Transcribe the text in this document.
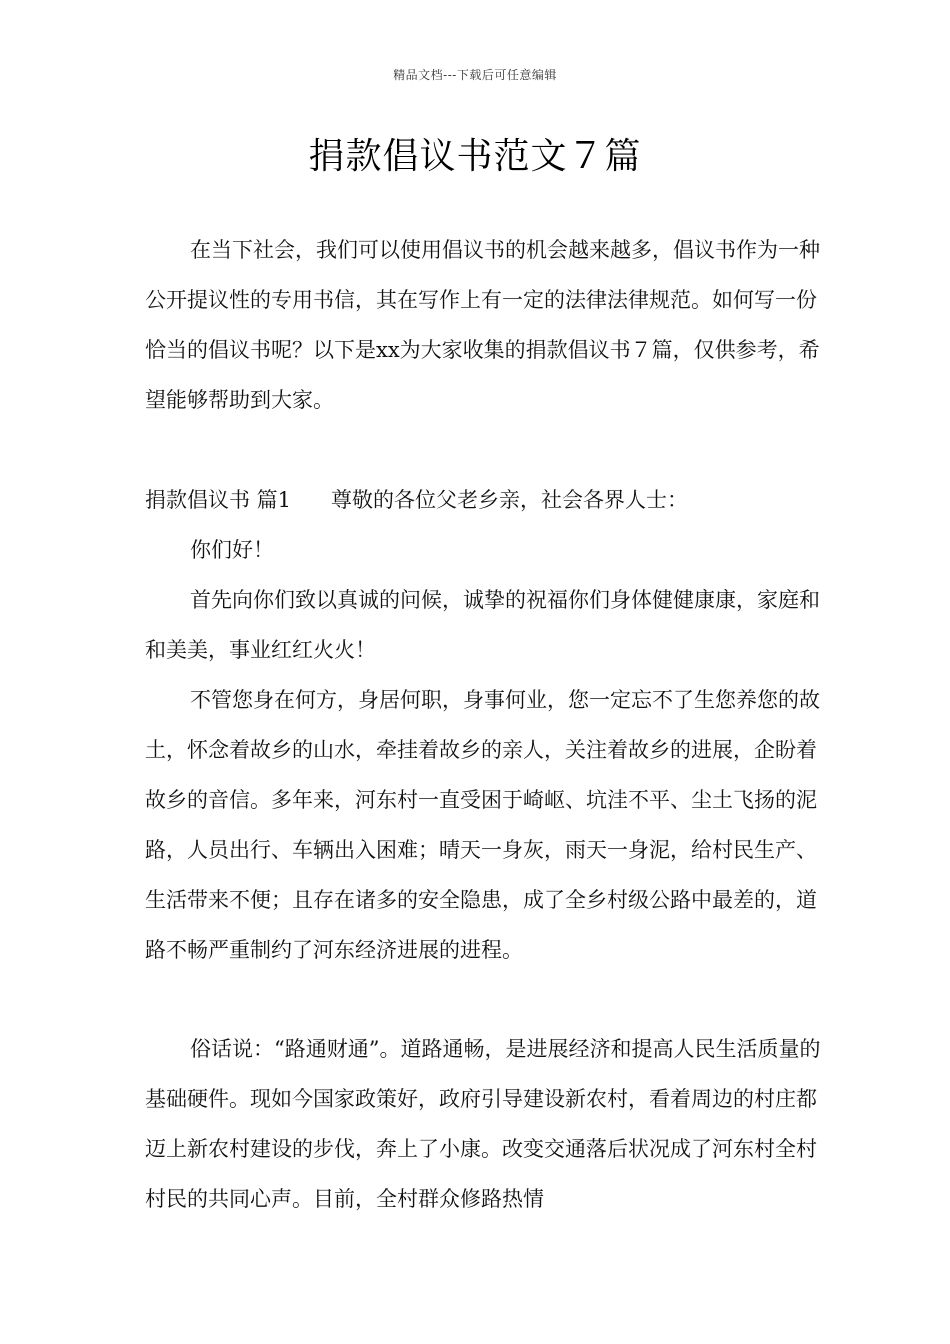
精品文档---下载后可任意编辑
捐款倡议书范文７篇

在当下社会，我们可以使用倡议书的机会越来越多，倡议书作为一种公开提议性的专用书信，其在写作上有一定的法律法律规范。如何写一份恰当的倡议书呢？以下是xx为大家收集的捐款倡议书７篇，仅供参考，希望能够帮助到大家。

捐款倡议书 篇1 尊敬的各位父老乡亲，社会各界人士：

你们好！

首先向你们致以真诚的问候，诚挚的祝福你们身体健健康康，家庭和和美美，事业红红火火！

不管您身在何方，身居何职，身事何业，您一定忘不了生您养您的故土，怀念着故乡的山水，牵挂着故乡的亲人，关注着故乡的进展，企盼着故乡的音信。多年来，河东村一直受困于崎岖、坑洼不平、尘土飞扬的泥路，人员出行、车辆出入困难；晴天一身灰，雨天一身泥，给村民生产、生活带来不便；且存在诸多的安全隐患，成了全乡村级公路中最差的，道路不畅严重制约了河东经济进展的进程。

俗话说：“路通财通”。道路通畅，是进展经济和提高人民生活质量的基础硬件。现如今国家政策好，政府引导建设新农村，看着周边的村庄都迈上新农村建设的步伐，奔上了小康。改变交通落后状况成了河东村全村村民的共同心声。目前，全村群众修路热情
